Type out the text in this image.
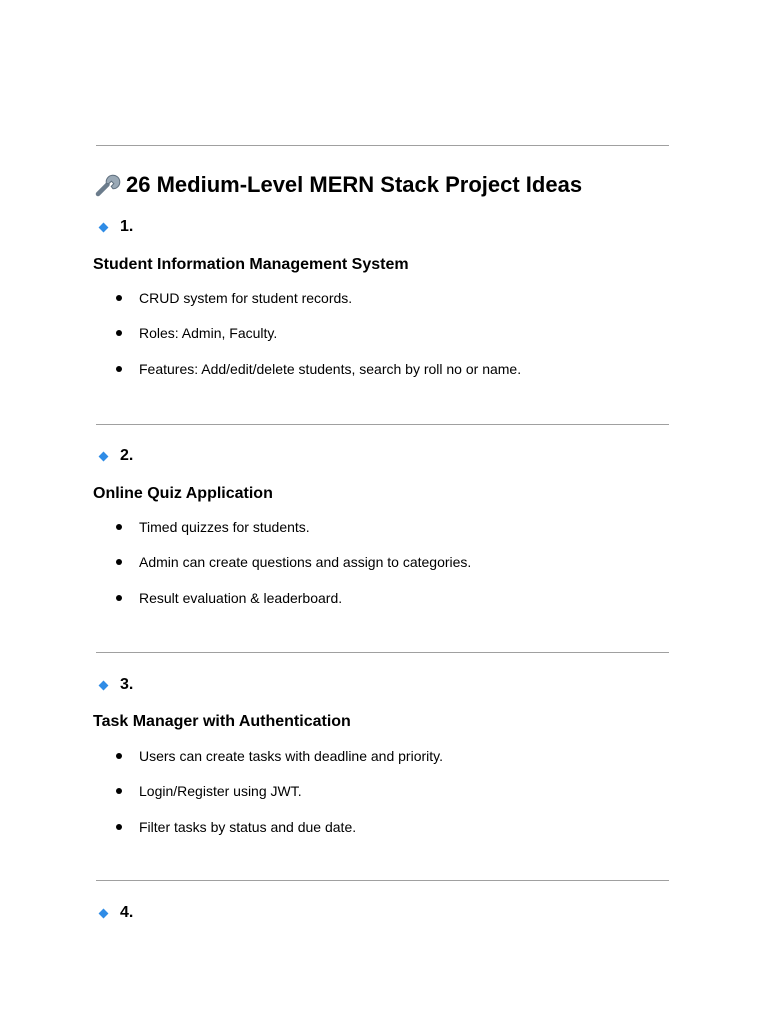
26 Medium-Level MERN Stack Project Ideas
1.
Student Information Management System
CRUD system for student records.
Roles: Admin, Faculty.
Features: Add/edit/delete students, search by roll no or name.
2.
Online Quiz Application
Timed quizzes for students.
Admin can create questions and assign to categories.
Result evaluation & leaderboard.
3.
Task Manager with Authentication
Users can create tasks with deadline and priority.
Login/Register using JWT.
Filter tasks by status and due date.
4.
